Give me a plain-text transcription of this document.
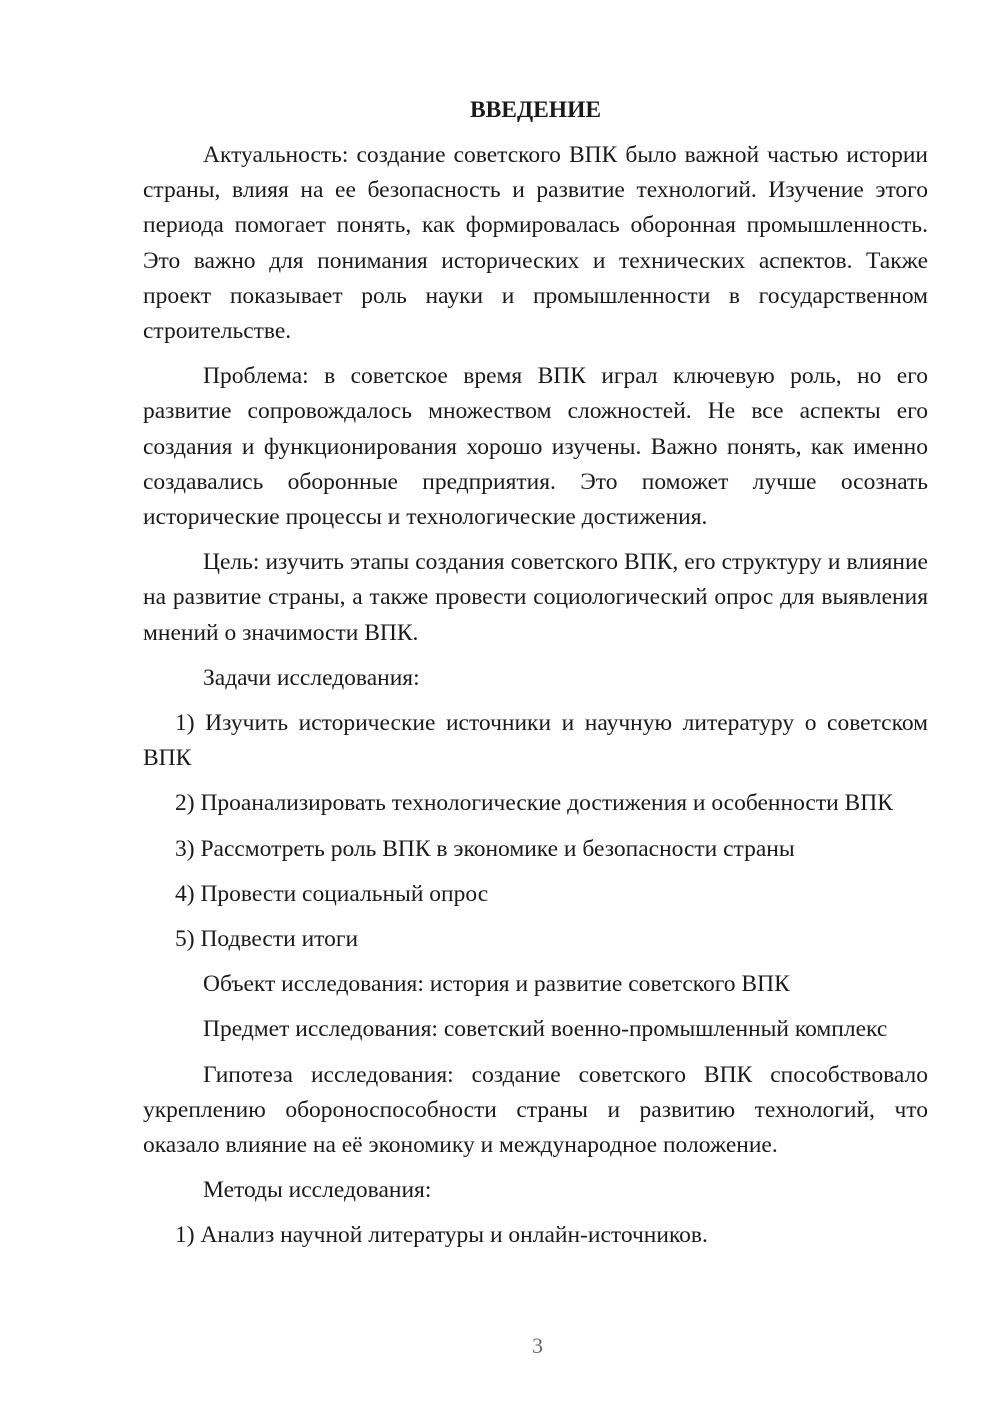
ВВЕДЕНИЕ
Актуальность: создание советского ВПК было важной частью истории страны, влияя на ее безопасность и развитие технологий. Изучение этого периода помогает понять, как формировалась оборонная промышленность. Это важно для понимания исторических и технических аспектов. Также проект показывает роль науки и промышленности в государственном строительстве.
Проблема: в советское время ВПК играл ключевую роль, но его развитие сопровождалось множеством сложностей. Не все аспекты его создания и функционирования хорошо изучены. Важно понять, как именно создавались оборонные предприятия. Это поможет лучше осознать исторические процессы и технологические достижения.
Цель: изучить этапы создания советского ВПК, его структуру и влияние на развитие страны, а также провести социологический опрос для выявления мнений о значимости ВПК.
Задачи исследования:
1) Изучить исторические источники и научную литературу о советском ВПК
2) Проанализировать технологические достижения и особенности ВПК
3) Рассмотреть роль ВПК в экономике и безопасности страны
4) Провести социальный опрос
5) Подвести итоги
Объект исследования: история и развитие советского ВПК
Предмет исследования: советский военно-промышленный комплекс
Гипотеза исследования: создание советского ВПК способствовало укреплению обороноспособности страны и развитию технологий, что оказало влияние на её экономику и международное положение.
Методы исследования:
1) Анализ научной литературы и онлайн-источников.
3
